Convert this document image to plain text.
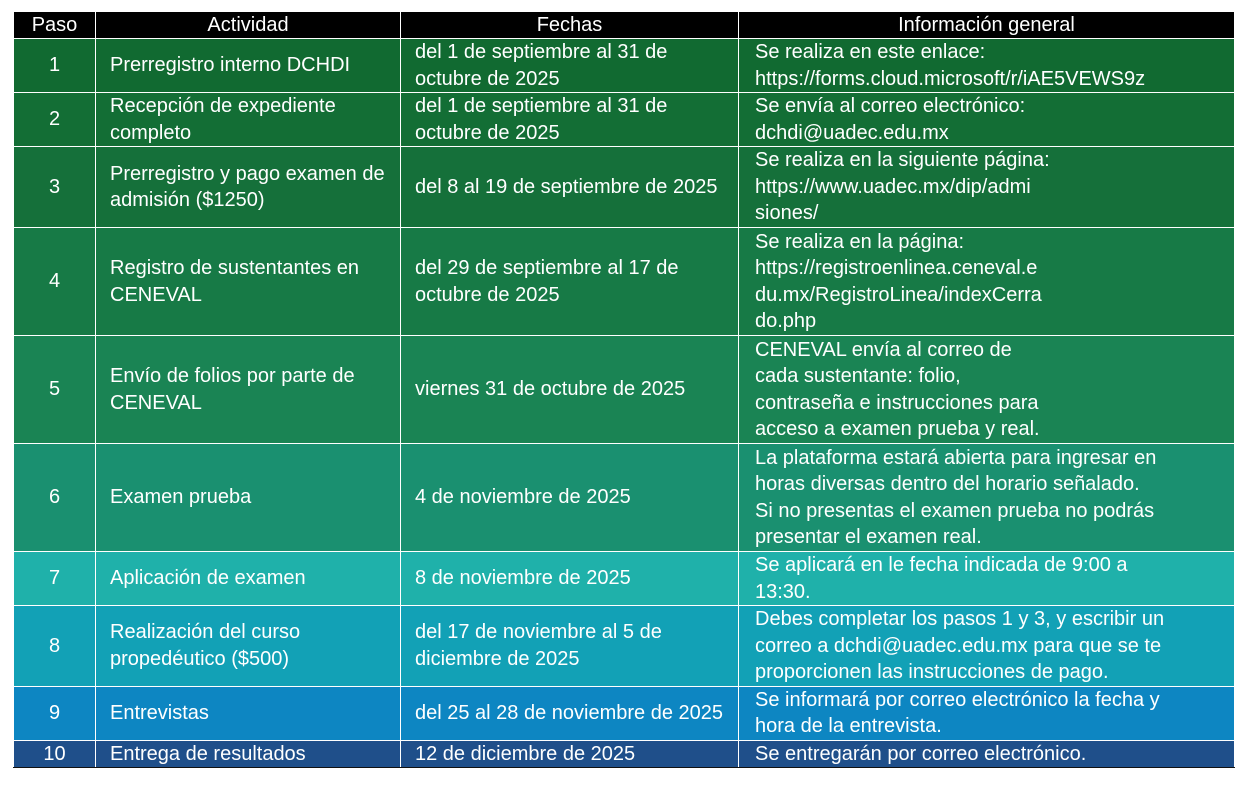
Paso	Actividad	Fechas	Información general
1	Prerregistro interno DCHDI	del 1 de septiembre al 31 de octubre de 2025	Se realiza en este enlace:
https://forms.cloud.microsoft/r/iAE5VEWS9z

2	Recepción de expediente completo	del 1 de septiembre al 31 de octubre de 2025	Se envía al correo electrónico:
dchdi@uadec.edu.mx

3	Prerregistro y pago examen de admisión ($1250)	del 8 al 19 de septiembre de 2025	Se realiza en la siguiente página:
https://www.uadec.mx/dip/admi
siones/

4	Registro de sustentantes en CENEVAL	del 29 de septiembre al 17 de octubre de 2025	Se realiza en la página:
https://registroenlinea.ceneval.e
du.mx/RegistroLinea/indexCerra
do.php

5	Envío de folios por parte de CENEVAL	viernes 31 de octubre de 2025	CENEVAL envía al correo de
cada sustentante: folio,
contraseña e instrucciones para
acceso a examen prueba y real.

6	Examen prueba	4 de noviembre de 2025	La plataforma estará abierta para ingresar en
horas diversas dentro del horario señalado.
Si no presentas el examen prueba no podrás
presentar el examen real.

7	Aplicación de examen	8 de noviembre de 2025	Se aplicará en le fecha indicada de 9:00 a
13:30.

8	Realización del curso propedéutico ($500)	del 17 de noviembre al 5 de diciembre de 2025	Debes completar los pasos 1 y 3, y escribir un
correo a dchdi@uadec.edu.mx para que se te
proporcionen las instrucciones de pago.

9	Entrevistas	del 25 al 28 de noviembre de 2025	Se informará por correo electrónico la fecha y
hora de la entrevista.

10	Entrega de resultados	12 de diciembre de 2025	Se entregarán por correo electrónico.
